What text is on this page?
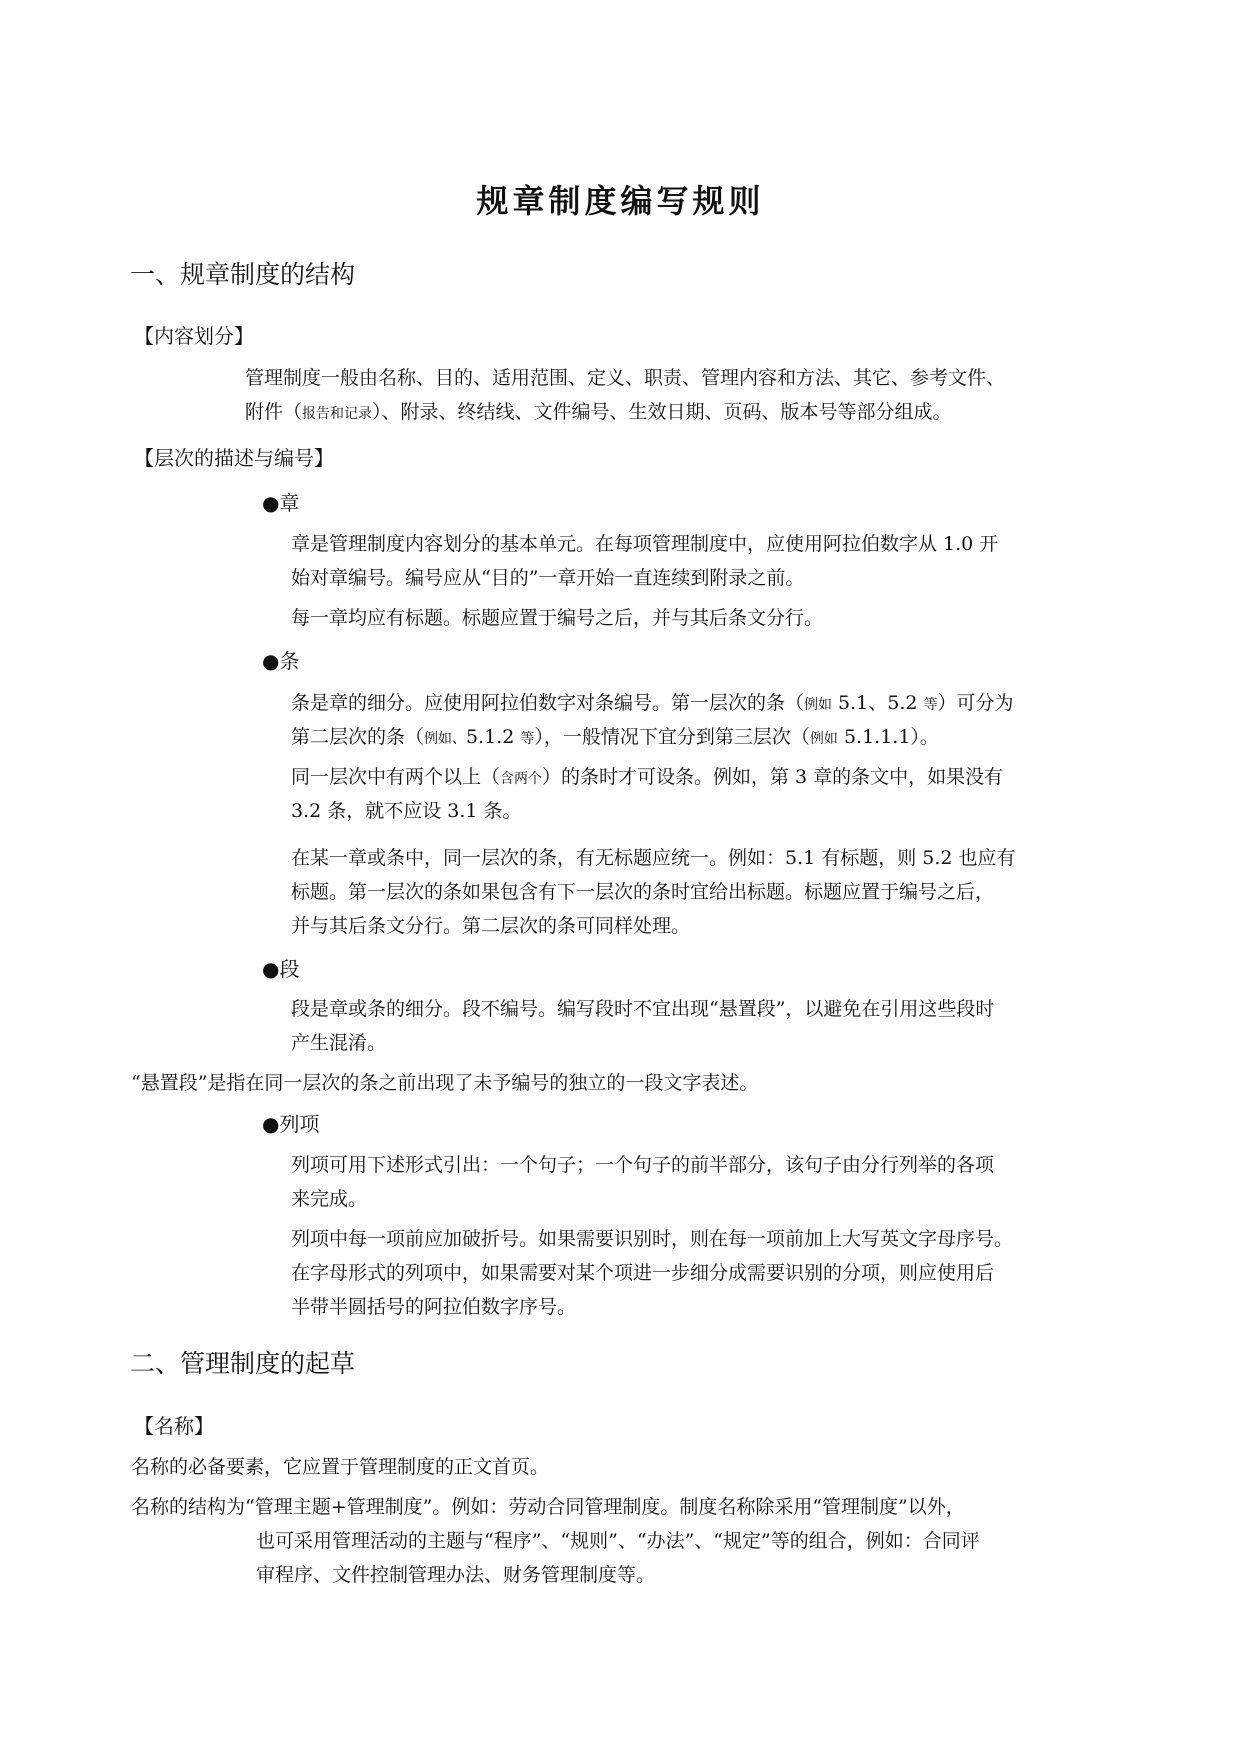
规章制度编写规则
一、规章制度的结构
【内容划分】
管理制度一般由名称、目的、适用范围、定义、职责、管理内容和方法、其它、参考文件、
附件（报告和记录）、附录、终结线、文件编号、生效日期、页码、版本号等部分组成。
【层次的描述与编号】
●章
章是管理制度内容划分的基本单元。在每项管理制度中，应使用阿拉伯数字从 1.0 开
始对章编号。编号应从“目的”一章开始一直连续到附录之前。
每一章均应有标题。标题应置于编号之后，并与其后条文分行。
●条
条是章的细分。应使用阿拉伯数字对条编号。第一层次的条（例如 5.1、5.2 等）可分为
第二层次的条（例如、5.1.2 等），一般情况下宜分到第三层次（例如 5.1.1.1）。
同一层次中有两个以上（含两个）的条时才可设条。例如，第 3 章的条文中，如果没有
3.2 条，就不应设 3.1 条。
在某一章或条中，同一层次的条，有无标题应统一。例如：5.1 有标题，则 5.2 也应有
标题。第一层次的条如果包含有下一层次的条时宜给出标题。标题应置于编号之后，
并与其后条文分行。第二层次的条可同样处理。
●段
段是章或条的细分。段不编号。编写段时不宜出现“悬置段”，以避免在引用这些段时
产生混淆。
“悬置段”是指在同一层次的条之前出现了未予编号的独立的一段文字表述。
●列项
列项可用下述形式引出：一个句子；一个句子的前半部分，该句子由分行列举的各项
来完成。
列项中每一项前应加破折号。如果需要识别时，则在每一项前加上大写英文字母序号。
在字母形式的列项中，如果需要对某个项进一步细分成需要识别的分项，则应使用后
半带半圆括号的阿拉伯数字序号。
二、管理制度的起草
【名称】
名称的必备要素，它应置于管理制度的正文首页。
名称的结构为“管理主题+管理制度”。例如：劳动合同管理制度。制度名称除采用“管理制度”以外，
也可采用管理活动的主题与“程序”、“规则”、“办法”、“规定”等的组合，例如：合同评
审程序、文件控制管理办法、财务管理制度等。
